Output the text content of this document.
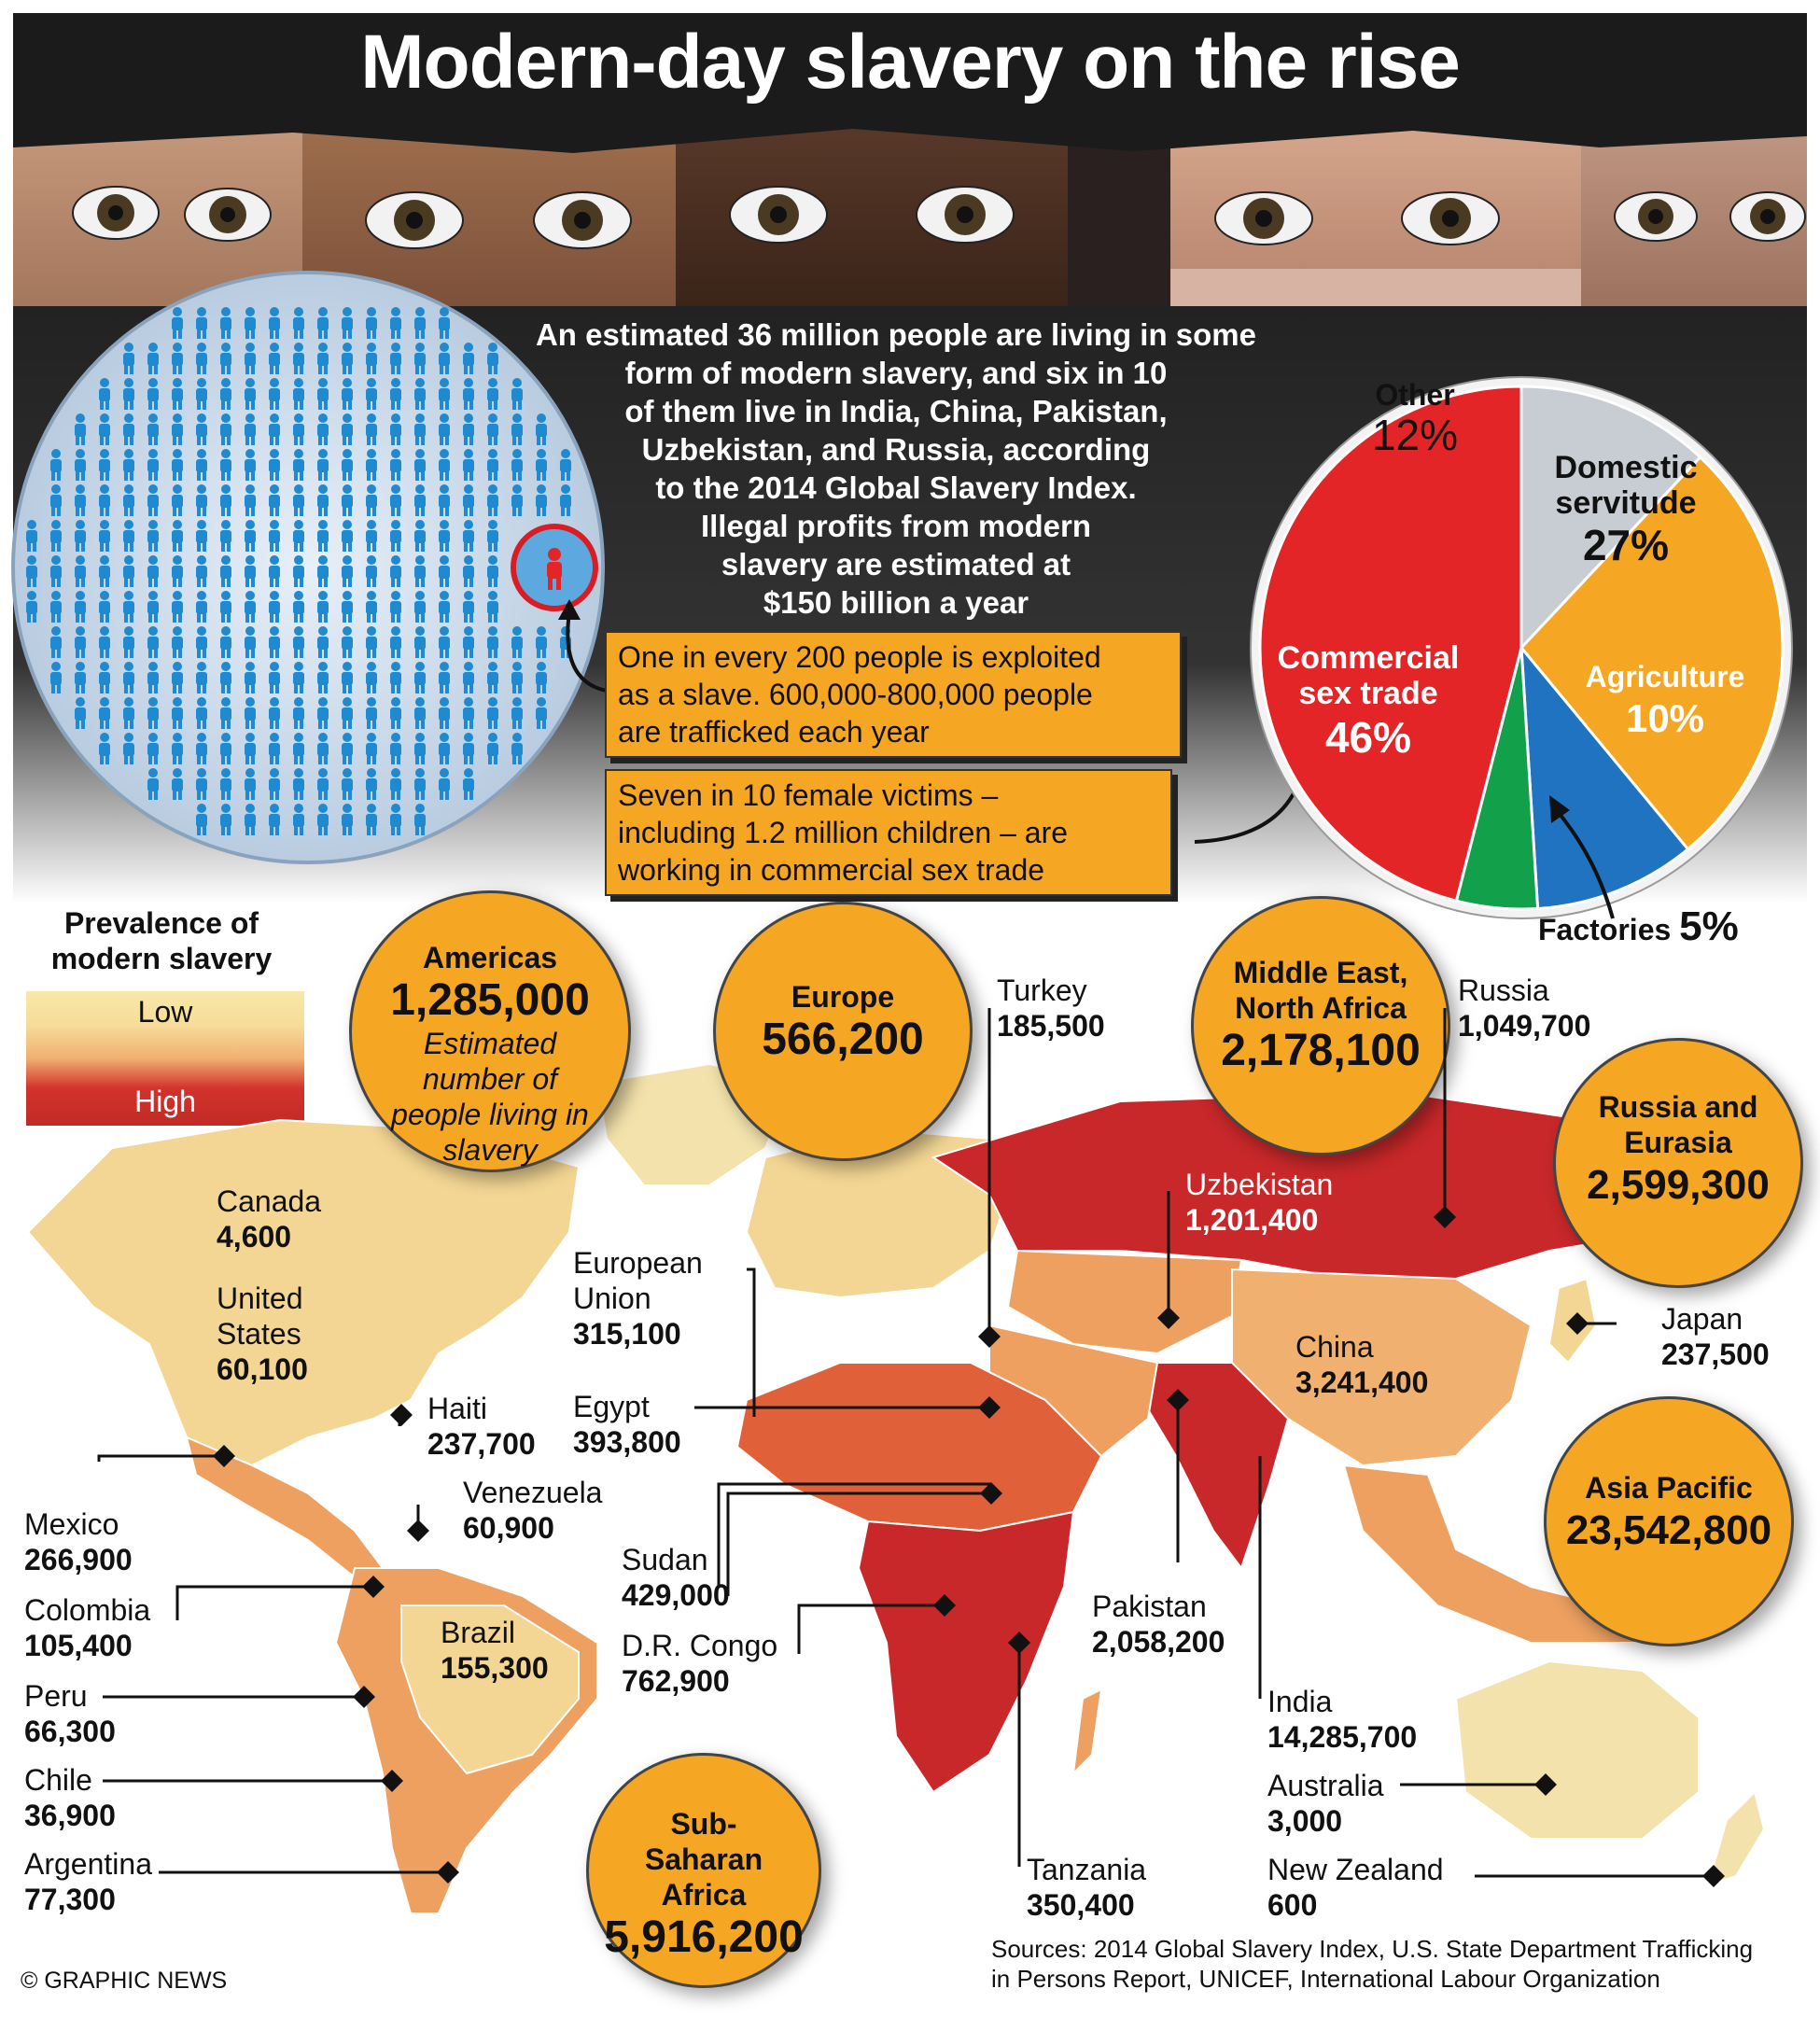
Modern-day slavery on the rise
An estimated 36 million people are living in some
form of modern slavery, and six in 10
of them live in India, China, Pakistan,
Uzbekistan, and Russia, according
to the 2014 Global Slavery Index.
Illegal profits from modern
slavery are estimated at
$150 billion a year
One in every 200 people is exploited
as a slave. 600,000-800,000 people
are trafficked each year
Seven in 10 female victims –
including 1.2 million children – are
working in commercial sex trade
Other
12%
Domestic
servitude
27%
Agriculture
10%
Commercial
sex trade
46%
Factories 5%
Prevalence of
modern slavery
Low
High
Americas
1,285,000
Estimated number of people living in slavery
Europe
566,200
Middle East, North Africa
2,178,100
Russia and Eurasia
2,599,300
Asia Pacific
23,542,800
Sub-Saharan Africa
5,916,200
Canada
4,600
United States
60,100
Haiti
237,700
Mexico
266,900
Venezuela
60,900
Colombia
105,400	Brazil
155,300
Peru
66,300
Chile
36,900
Argentina
77,300
European Union
315,100
Turkey
185,500
Egypt
393,800
Sudan
429,000
D.R. Congo
762,900
Tanzania
350,400
Russia
1,049,700
Uzbekistan
1,201,400
Japan
237,500
China
3,241,400
Pakistan
2,058,200
India
14,285,700
Australia
3,000
New Zealand
600
Sources: 2014 Global Slavery Index, U.S. State Department Trafficking
in Persons Report, UNICEF, International Labour Organization
© GRAPHIC NEWS
